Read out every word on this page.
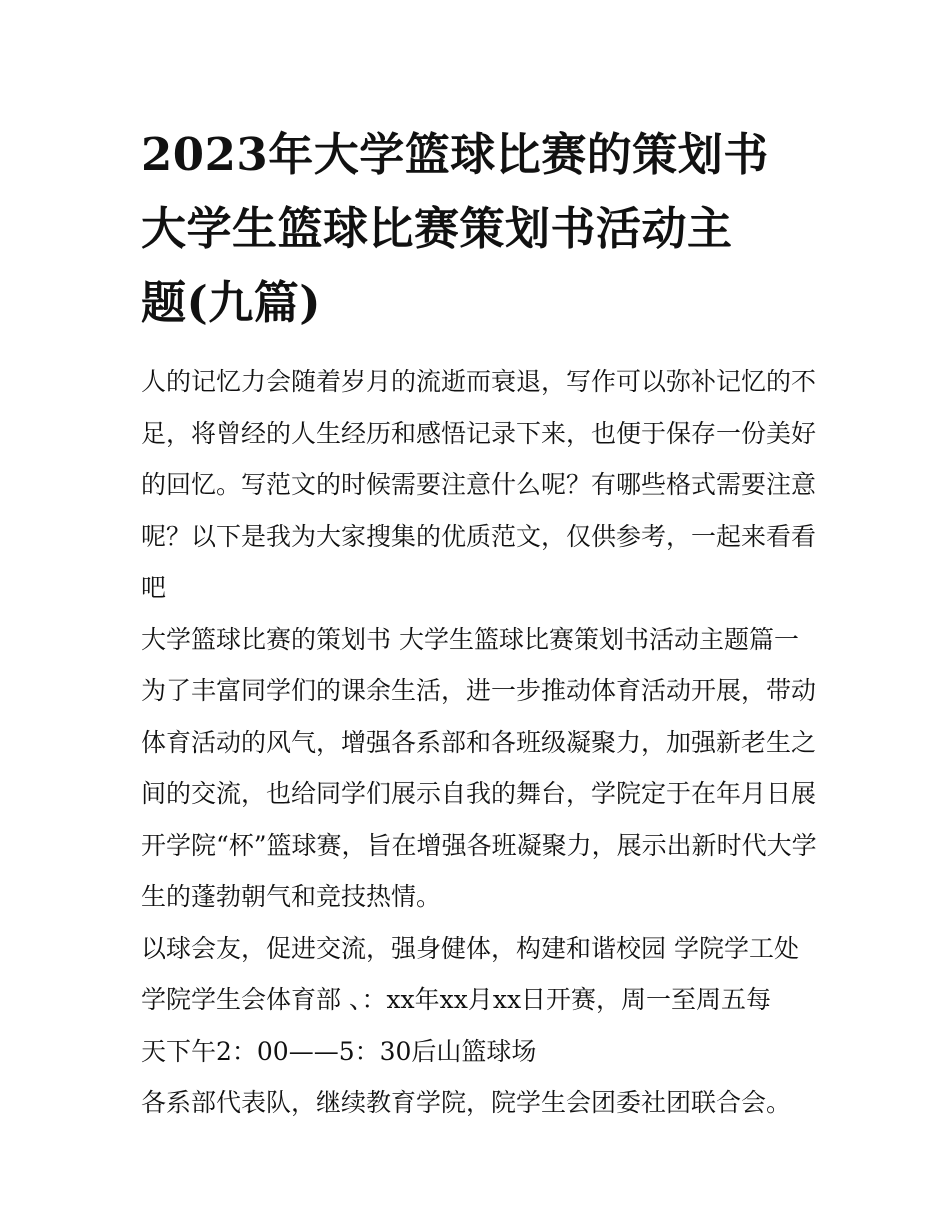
2023年大学篮球比赛的策划书
大学生篮球比赛策划书活动主
题(九篇)

人的记忆力会随着岁月的流逝而衰退，写作可以弥补记忆的不
足，将曾经的人生经历和感悟记录下来，也便于保存一份美好
的回忆。写范文的时候需要注意什么呢？有哪些格式需要注意
呢？以下是我为大家搜集的优质范文，仅供参考，一起来看看
吧

大学篮球比赛的策划书 大学生篮球比赛策划书活动主题篇一

为了丰富同学们的课余生活，进一步推动体育活动开展，带动
体育活动的风气，增强各系部和各班级凝聚力，加强新老生之
间的交流，也给同学们展示自我的舞台，学院定于在年月日展
开学院“杯”篮球赛，旨在增强各班凝聚力，展示出新时代大学
生的蓬勃朝气和竞技热情。

以球会友，促进交流，强身健体，构建和谐校园 学院学工处
学院学生会体育部 、：xx年xx月xx日开赛，周一至周五每
天下午2：00——5：30后山篮球场

各系部代表队，继续教育学院，院学生会团委社团联合会。
